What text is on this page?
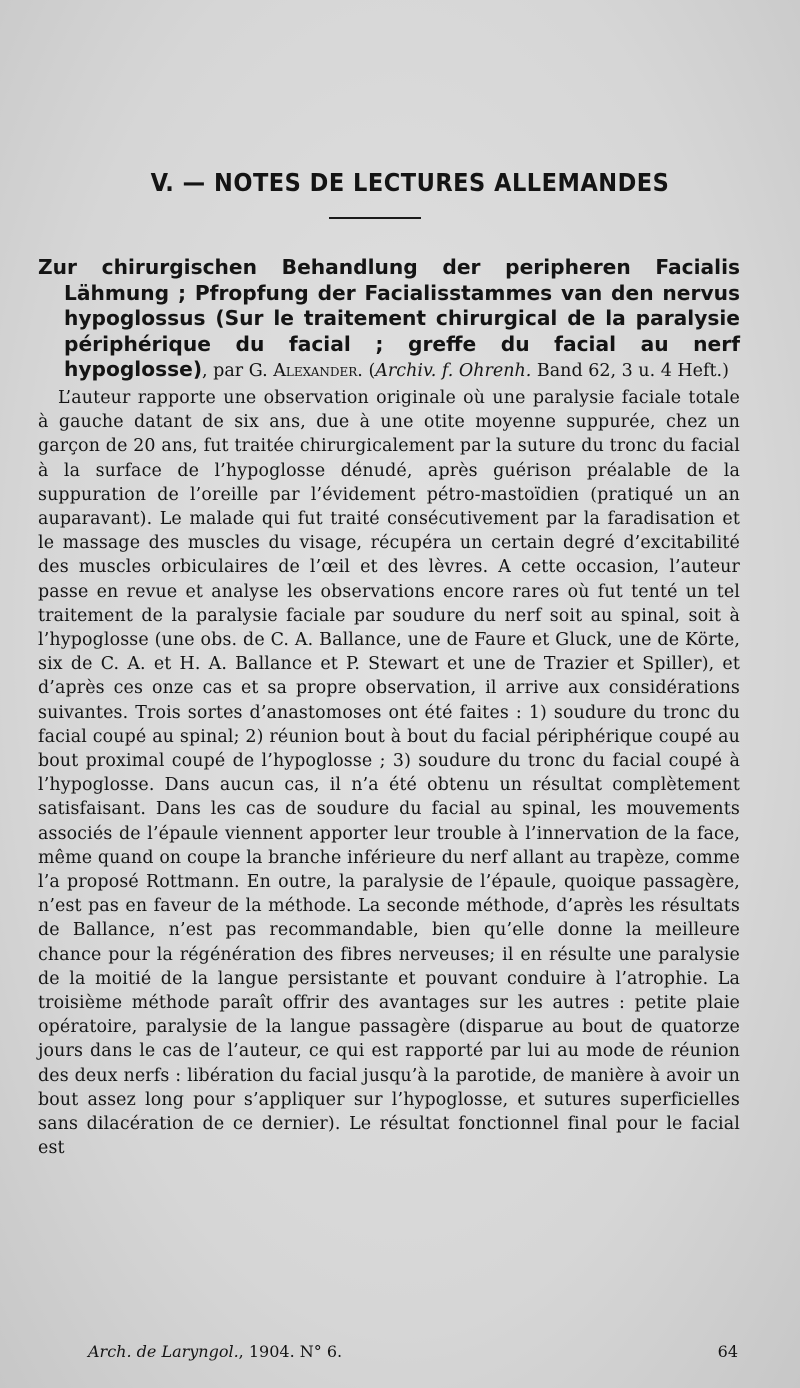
V. — NOTES DE LECTURES ALLEMANDES

Zur chirurgischen Behandlung der peripheren Facialis Lähmung ; Pfropfung der Facialisstammes van den nervus hypoglossus (Sur le traitement chirurgical de la paralysie périphérique du facial ; greffe du facial au nerf hypoglosse), par G. Alexander. (Archiv. f. Ohrenh. Band 62, 3 u. 4 Heft.)

L’auteur rapporte une observation originale où une paralysie faciale totale à gauche datant de six ans, due à une otite moyenne suppurée, chez un garçon de 20 ans, fut traitée chirurgicalement par la suture du tronc du facial à la surface de l’hypoglosse dénudé, après guérison préalable de la suppuration de l’oreille par l’évidement pétro-mastoïdien (pratiqué un an auparavant). Le malade qui fut traité consécutivement par la faradisation et le massage des muscles du visage, récupéra un certain degré d’excitabilité des muscles orbiculaires de l’œil et des lèvres. A cette occasion, l’auteur passe en revue et analyse les observations encore rares où fut tenté un tel traitement de la paralysie faciale par soudure du nerf soit au spinal, soit à l’hypoglosse (une obs. de C. A. Ballance, une de Faure et Gluck, une de Körte, six de C. A. et H. A. Ballance et P. Stewart et une de Trazier et Spiller), et d’après ces onze cas et sa propre observation, il arrive aux considérations suivantes. Trois sortes d’anastomoses ont été faites : 1) soudure du tronc du facial coupé au spinal; 2) réunion bout à bout du facial périphérique coupé au bout proximal coupé de l’hypoglosse ; 3) soudure du tronc du facial coupé à l’hypoglosse. Dans aucun cas, il n’a été obtenu un résultat complètement satisfaisant. Dans les cas de soudure du facial au spinal, les mouvements associés de l’épaule viennent apporter leur trouble à l’innervation de la face, même quand on coupe la branche inférieure du nerf allant au trapèze, comme l’a proposé Rottmann. En outre, la paralysie de l’épaule, quoique passagère, n’est pas en faveur de la méthode. La seconde méthode, d’après les résultats de Ballance, n’est pas recommandable, bien qu’elle donne la meilleure chance pour la régénération des fibres nerveuses; il en résulte une paralysie de la moitié de la langue persistante et pouvant conduire à l’atrophie. La troisième méthode paraît offrir des avantages sur les autres : petite plaie opératoire, paralysie de la langue passagère (disparue au bout de quatorze jours dans le cas de l’auteur, ce qui est rapporté par lui au mode de réunion des deux nerfs : libération du facial jusqu’à la parotide, de manière à avoir un bout assez long pour s’appliquer sur l’hypoglosse, et sutures superficielles sans dilacération de ce dernier). Le résultat fonctionnel final pour le facial est

Arch. de Laryngol., 1904. N° 6.	64
